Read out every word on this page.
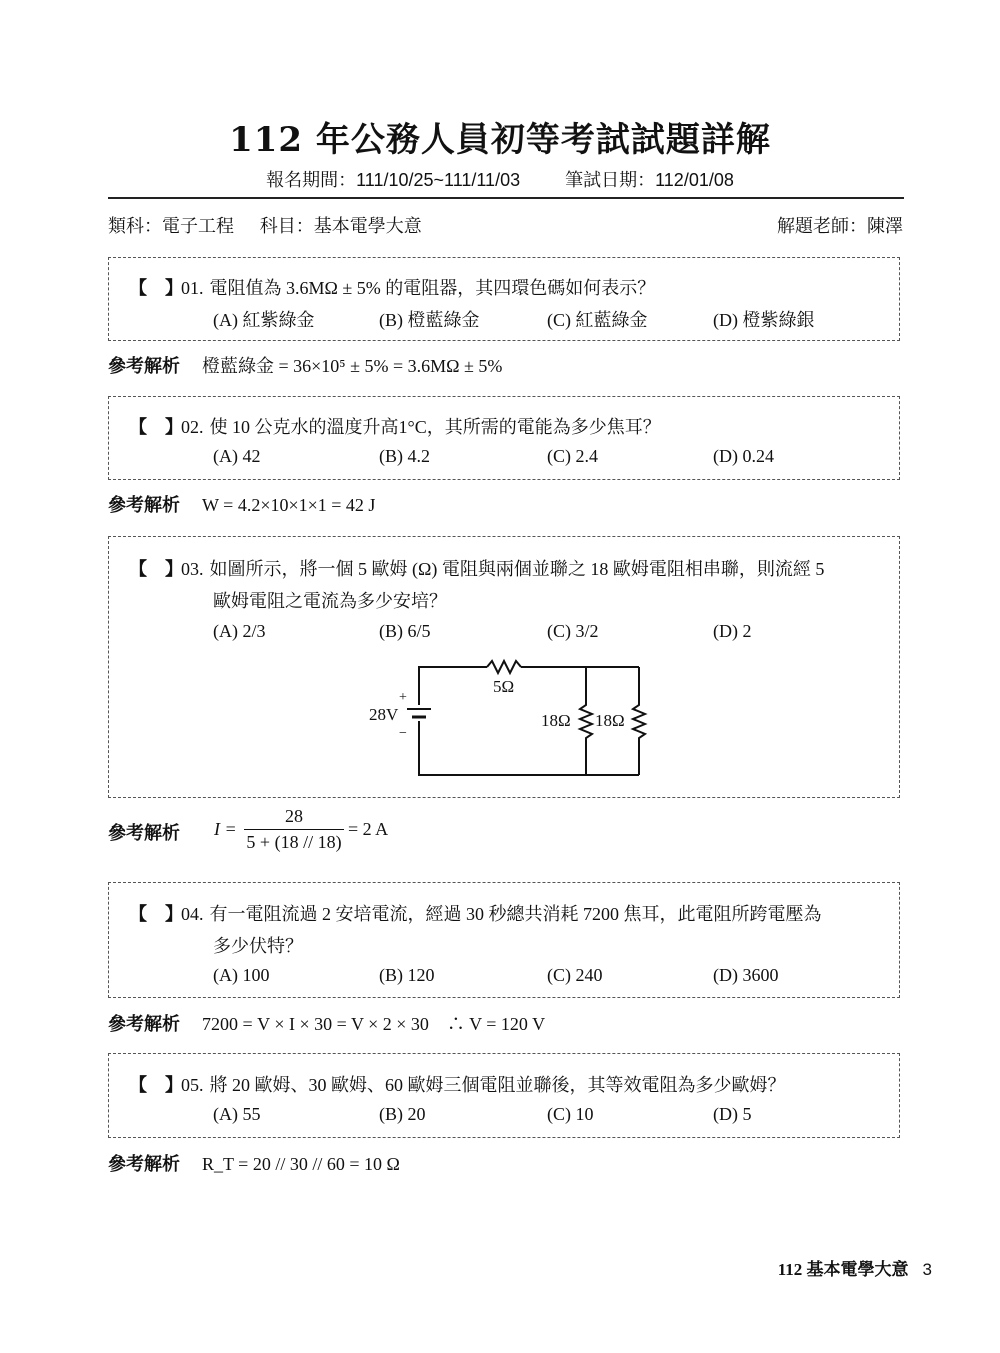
112 年公務人員初等考試試題詳解
報名期間：111/10/25~111/11/03	筆試日期：112/01/08
類科：電子工程 科目：基本電學大意	解題老師：陳澤
【　】01. 電阻值為 3.6MΩ ± 5% 的電阻器，其四環色碼如何表示？
(A) 紅紫綠金	(B) 橙藍綠金	(C) 紅藍綠金	(D) 橙紫綠銀
參考解析 橙藍綠金 = 36×10⁵ ± 5% = 3.6MΩ ± 5%
【　】02. 使 10 公克水的溫度升高1°C，其所需的電能為多少焦耳？
(A) 42	(B) 4.2	(C) 2.4	(D) 0.24
參考解析 W = 4.2×10×1×1 = 42 J
【　】03. 如圖所示，將一個 5 歐姆 (Ω) 電阻與兩個並聯之 18 歐姆電阻相串聯，則流經 5
歐姆電阻之電流為多少安培？
(A) 2/3	(B) 6/5	(C) 3/2	(D) 2
+
28V
−
5Ω
18Ω 18Ω
參考解析 I =
28
5 + (18 // 18)
= 2 A
【　】04. 有一電阻流過 2 安培電流，經過 30 秒總共消耗 7200 焦耳，此電阻所跨電壓為
多少伏特？
(A) 100	(B) 120	(C) 240	(D) 3600
參考解析 7200 = V × I × 30 = V × 2 × 30　∴ V = 120 V
【　】05. 將 20 歐姆、30 歐姆、60 歐姆三個電阻並聯後，其等效電阻為多少歐姆？
(A) 55	(B) 20	(C) 10	(D) 5
參考解析 R_T = 20 // 30 // 60 = 10 Ω
112 基本電學大意 3
